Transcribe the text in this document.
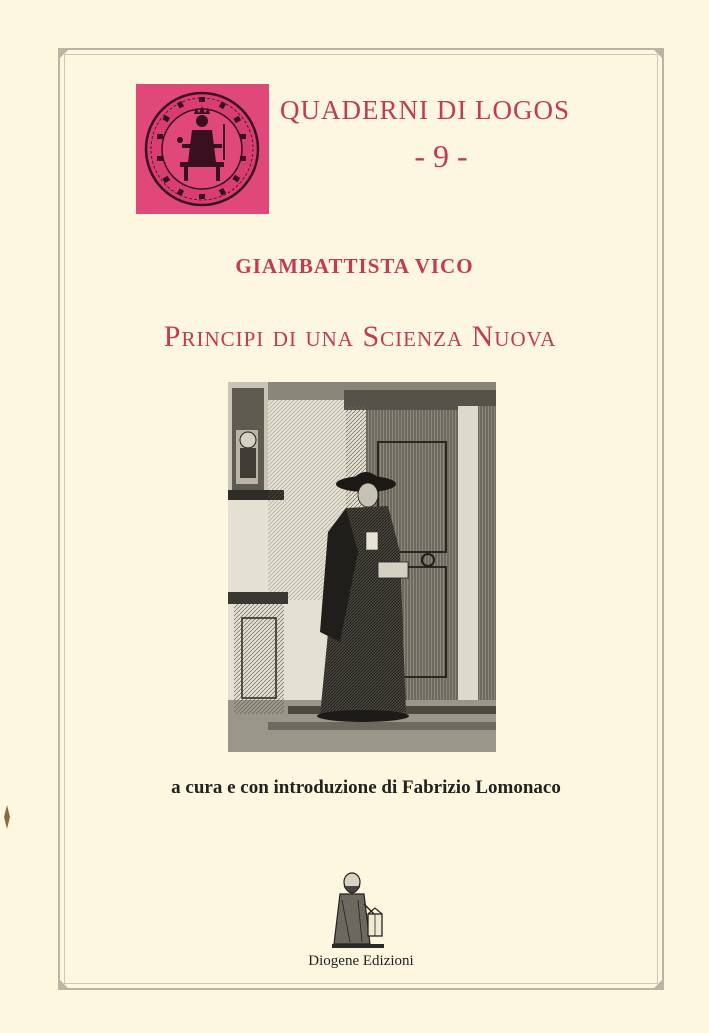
QUADERNI DI LOGOS
- 9 -
GIAMBATTISTA VICO
Principi di una Scienza Nuova
a cura e con introduzione di Fabrizio Lomonaco
Diogene Edizioni
